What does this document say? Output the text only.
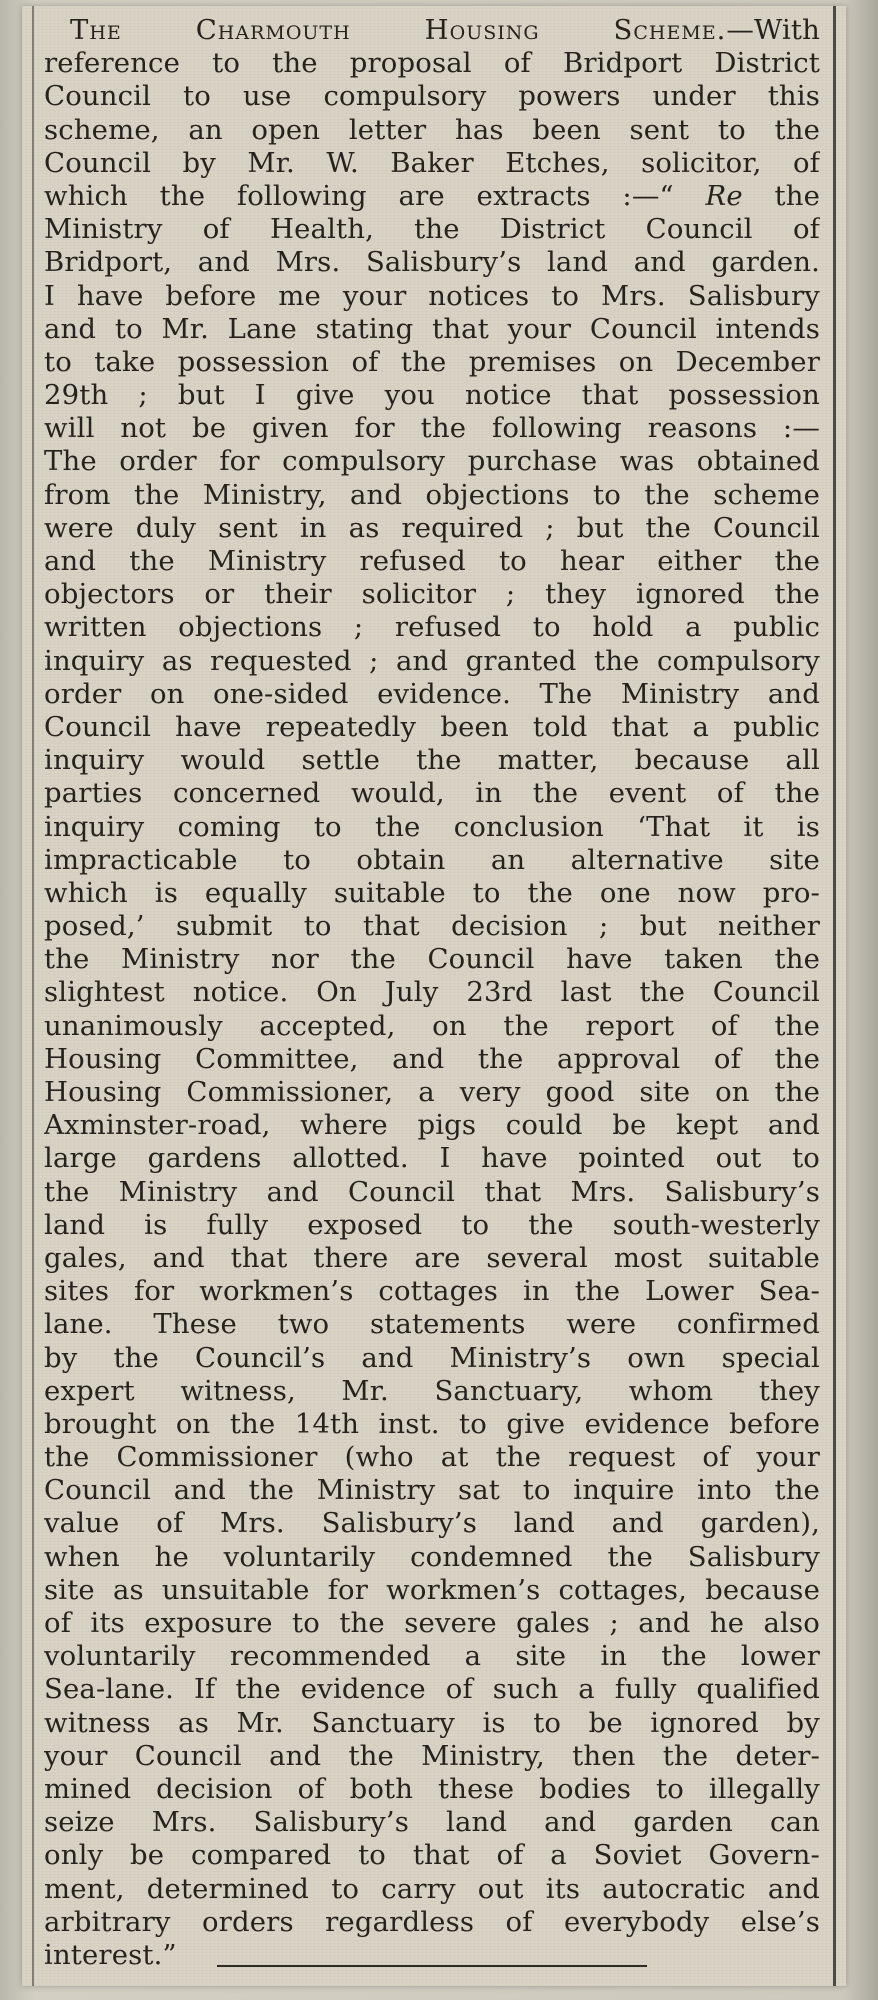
The Charmouth Housing Scheme.—With
reference to the proposal of Bridport District
Council to use compulsory powers under this
scheme, an open letter has been sent to the
Council by Mr. W. Baker Etches, solicitor, of
which the following are extracts :—“ Re the
Ministry of Health, the District Council of
Bridport, and Mrs. Salisbury’s land and garden.
I have before me your notices to Mrs. Salisbury
and to Mr. Lane stating that your Council intends
to take possession of the premises on December
29th ; but I give you notice that possession
will not be given for the following reasons :—
The order for compulsory purchase was obtained
from the Ministry, and objections to the scheme
were duly sent in as required ; but the Council
and the Ministry refused to hear either the
objectors or their solicitor ; they ignored the
written objections ; refused to hold a public
inquiry as requested ; and granted the compulsory
order on one-sided evidence. The Ministry and
Council have repeatedly been told that a public
inquiry would settle the matter, because all
parties concerned would, in the event of the
inquiry coming to the conclusion ‘That it is
impracticable to obtain an alternative site
which is equally suitable to the one now pro-
posed,’ submit to that decision ; but neither
the Ministry nor the Council have taken the
slightest notice. On July 23rd last the Council
unanimously accepted, on the report of the
Housing Committee, and the approval of the
Housing Commissioner, a very good site on the
Axminster-road, where pigs could be kept and
large gardens allotted. I have pointed out to
the Ministry and Council that Mrs. Salisbury’s
land is fully exposed to the south-westerly
gales, and that there are several most suitable
sites for workmen’s cottages in the Lower Sea-
lane. These two statements were confirmed
by the Council’s and Ministry’s own special
expert witness, Mr. Sanctuary, whom they
brought on the 14th inst. to give evidence before
the Commissioner (who at the request of your
Council and the Ministry sat to inquire into the
value of Mrs. Salisbury’s land and garden),
when he voluntarily condemned the Salisbury
site as unsuitable for workmen’s cottages, because
of its exposure to the severe gales ; and he also
voluntarily recommended a site in the lower
Sea-lane. If the evidence of such a fully qualified
witness as Mr. Sanctuary is to be ignored by
your Council and the Ministry, then the deter-
mined decision of both these bodies to illegally
seize Mrs. Salisbury’s land and garden can
only be compared to that of a Soviet Govern-
ment, determined to carry out its autocratic and
arbitrary orders regardless of everybody else’s
interest.”
